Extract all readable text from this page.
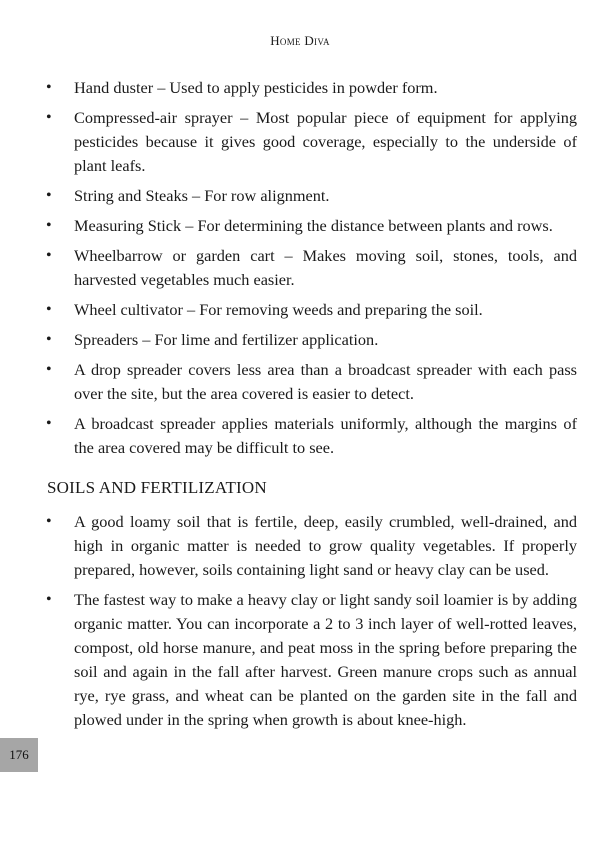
Home Diva
• Hand duster – Used to apply pesticides in powder form.
• Compressed-air sprayer – Most popular piece of equipment for applying pesticides because it gives good coverage, especially to the underside of plant leafs.
• String and Steaks – For row alignment.
• Measuring Stick – For determining the distance between plants and rows.
• Wheelbarrow or garden cart – Makes moving soil, stones, tools, and harvested vegetables much easier.
• Wheel cultivator – For removing weeds and preparing the soil.
• Spreaders – For lime and fertilizer application.
• A drop spreader covers less area than a broadcast spreader with each pass over the site, but the area covered is easier to detect.
• A broadcast spreader applies materials uniformly, although the margins of the area covered may be difficult to see.
SOILS AND FERTILIZATION
• A good loamy soil that is fertile, deep, easily crumbled, well-drained, and high in organic matter is needed to grow quality vegetables. If properly prepared, however, soils containing light sand or heavy clay can be used.
• The fastest way to make a heavy clay or light sandy soil loamier is by adding organic matter. You can incorporate a 2 to 3 inch layer of well-rotted leaves, compost, old horse manure, and peat moss in the spring before preparing the soil and again in the fall after harvest. Green manure crops such as annual rye, rye grass, and wheat can be planted on the garden site in the fall and plowed under in the spring when growth is about knee-high.
176
